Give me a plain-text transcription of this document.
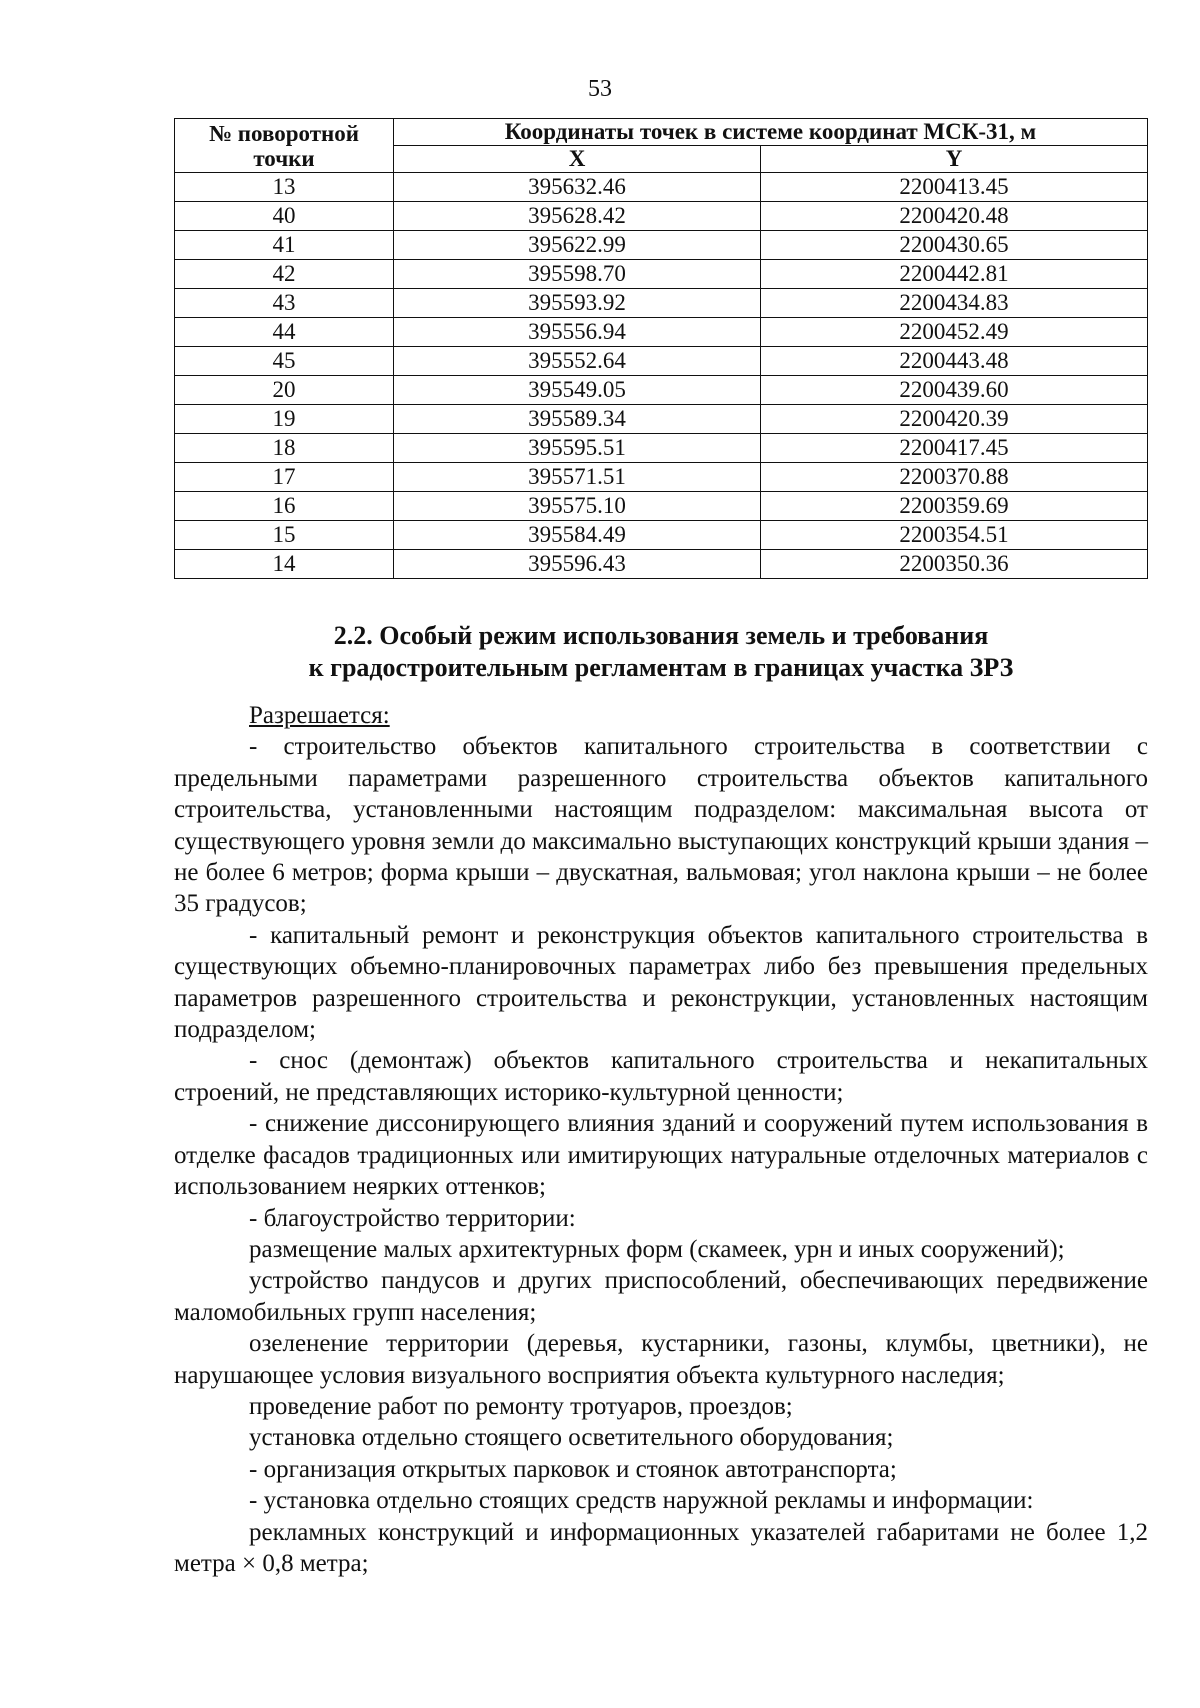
53
№ поворотной
точки	Координаты точек в системе координат МСК-31, м	
	X	Y
13	395632.46	2200413.45
40	395628.42	2200420.48
41	395622.99	2200430.65
42	395598.70	2200442.81
43	395593.92	2200434.83
44	395556.94	2200452.49
45	395552.64	2200443.48
20	395549.05	2200439.60
19	395589.34	2200420.39
18	395595.51	2200417.45
17	395571.51	2200370.88
16	395575.10	2200359.69
15	395584.49	2200354.51
14	395596.43	2200350.36
2.2. Особый режим использования земель и требования
к градостроительным регламентам в границах участка ЗРЗ

Разрешается:

- строительство объектов капитального строительства в соответствии с предельными параметрами разрешенного строительства объектов капитального строительства, установленными настоящим подразделом: максимальная высота от существующего уровня земли до максимально выступающих конструкций крыши здания – не более 6 метров; форма крыши – двускатная, вальмовая; угол наклона крыши – не более 35 градусов;

- капитальный ремонт и реконструкция объектов капитального строительства в существующих объемно-планировочных параметрах либо без превышения предельных параметров разрешенного строительства и реконструкции, установленных настоящим подразделом;

- снос (демонтаж) объектов капитального строительства и некапитальных строений, не представляющих историко-культурной ценности;

- снижение диссонирующего влияния зданий и сооружений путем использования в отделке фасадов традиционных или имитирующих натуральные отделочных материалов с использованием неярких оттенков;

- благоустройство территории:

размещение малых архитектурных форм (скамеек, урн и иных сооружений);

устройство пандусов и других приспособлений, обеспечивающих передвижение маломобильных групп населения;

озеленение территории (деревья, кустарники, газоны, клумбы, цветники), не нарушающее условия визуального восприятия объекта культурного наследия;

проведение работ по ремонту тротуаров, проездов;

установка отдельно стоящего осветительного оборудования;

- организация открытых парковок и стоянок автотранспорта;

- установка отдельно стоящих средств наружной рекламы и информации:

рекламных конструкций и информационных указателей габаритами не более 1,2 метра × 0,8 метра;
